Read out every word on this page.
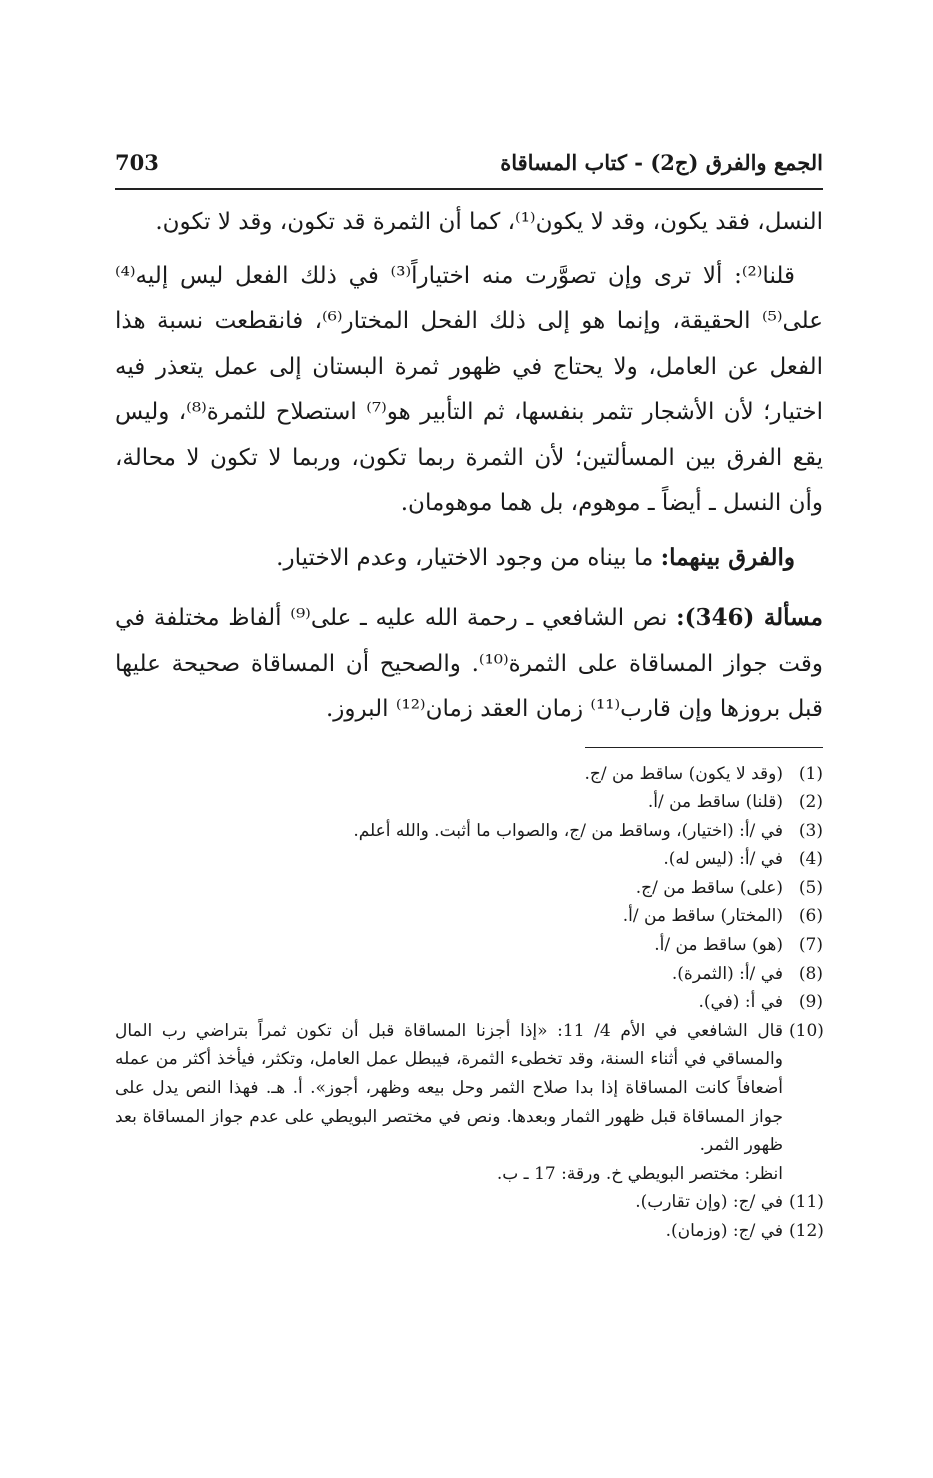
الجمع والفرق (ج2) - كتاب المساقاة
703

النسل، فقد يكون، وقد لا يكون⁽¹⁾، كما أن الثمرة قد تكون، وقد لا تكون.

قلنا⁽²⁾: ألا ترى وإن تصوَّرت منه اختياراً⁽³⁾ في ذلك الفعل ليس إليه⁽⁴⁾ على⁽⁵⁾ الحقيقة، وإنما هو إلى ذلك الفحل المختار⁽⁶⁾، فانقطعت نسبة هذا الفعل عن العامل، ولا يحتاج في ظهور ثمرة البستان إلى عمل يتعذر فيه اختيار؛ لأن الأشجار تثمر بنفسها، ثم التأبير هو⁽⁷⁾ استصلاح للثمرة⁽⁸⁾، وليس يقع الفرق بين المسألتين؛ لأن الثمرة ربما تكون، وربما لا تكون لا محالة، وأن النسل ـ أيضاً ـ موهوم، بل هما موهومان.

والفرق بينهما: ما بيناه من وجود الاختيار، وعدم الاختيار.

مسألة (346): نص الشافعي ـ رحمة الله عليه ـ على⁽⁹⁾ ألفاظ مختلفة في وقت جواز المساقاة على الثمرة⁽¹⁰⁾. والصحيح أن المساقاة صحيحة عليها قبل بروزها وإن قارب⁽¹¹⁾ زمان العقد زمان⁽¹²⁾ البروز.

(1)
(وقد لا يكون) ساقط من /ج.
(2)
(قلنا) ساقط من /أ.
(3)
في /أ: (اختيار)، وساقط من /ج، والصواب ما أثبت. والله أعلم.
(4)
في /أ: (ليس له).
(5)
(على) ساقط من /ج.
(6)
(المختار) ساقط من /أ.
(7)
(هو) ساقط من /أ.
(8)
في /أ: (الثمرة).
(9)
في أ: (في).
(10)
قال الشافعي في الأم 4/ 11: «إذا أجزنا المساقاة قبل أن تكون ثمراً بتراضي رب المال والمساقي في أثناء السنة، وقد تخطىء الثمرة، فيبطل عمل العامل، وتكثر، فيأخذ أكثر من عمله أضعافاً كانت المساقاة إذا بدا صلاح الثمر وحل بيعه وظهر، أجوز». أ. هـ. فهذا النص يدل على جواز المساقاة قبل ظهور الثمار وبعدها. ونص في مختصر البويطي على عدم جواز المساقاة بعد ظهور الثمر.
انظر: مختصر البويطي خ. ورقة: 17 ـ ب.
(11)
في /ج: (وإن تقارب).
(12)
في /ج: (وزمان).
